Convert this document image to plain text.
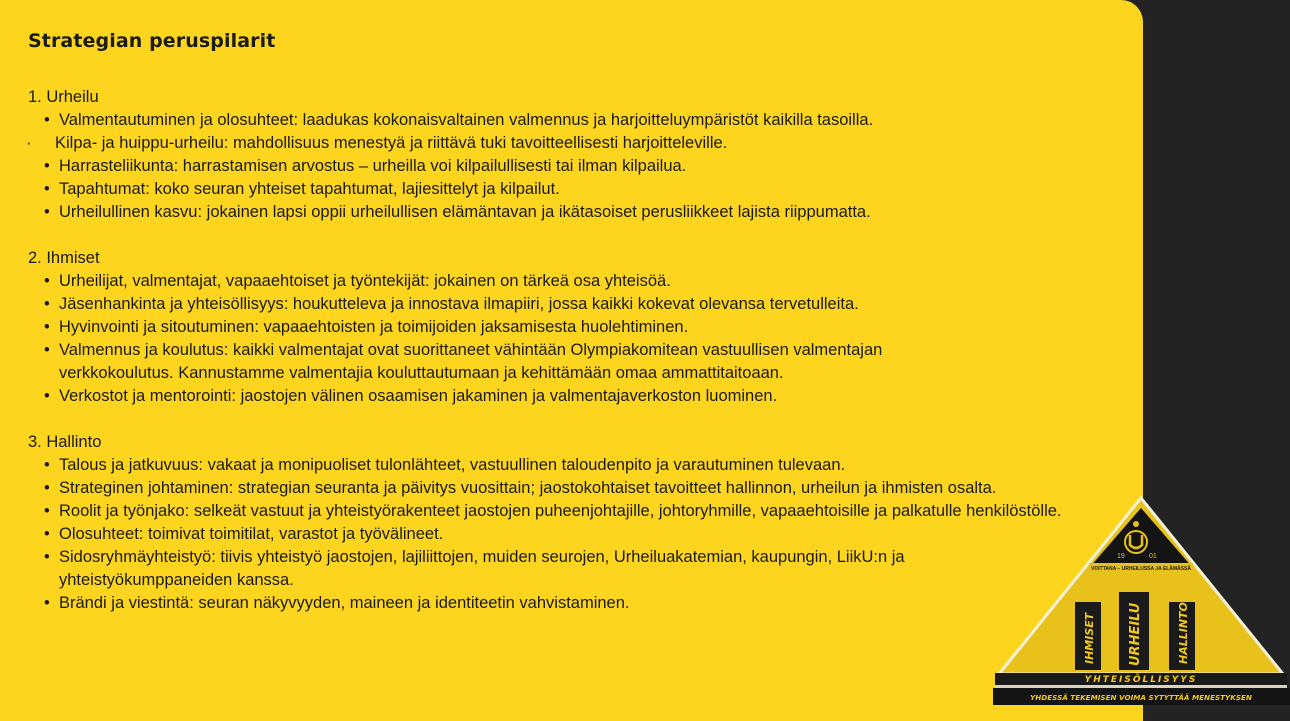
Strategian peruspilarit

1. Urheilu

• Valmentautuminen ja olosuhteet: laadukas kokonaisvaltainen valmennus ja harjoitteluympäristöt kaikilla tasoilla.
· Kilpa- ja huippu-urheilu: mahdollisuus menestyä ja riittävä tuki tavoitteellisesti harjoitteleville.
• Harrasteliikunta: harrastamisen arvostus – urheilla voi kilpailullisesti tai ilman kilpailua.
• Tapahtumat: koko seuran yhteiset tapahtumat, lajiesittelyt ja kilpailut.
• Urheilullinen kasvu: jokainen lapsi oppii urheilullisen elämäntavan ja ikätasoiset perusliikkeet lajista riippumatta.

2. Ihmiset

• Urheilijat, valmentajat, vapaaehtoiset ja työntekijät: jokainen on tärkeä osa yhteisöä.
• Jäsenhankinta ja yhteisöllisyys: houkutteleva ja innostava ilmapiiri, jossa kaikki kokevat olevansa tervetulleita.
• Hyvinvointi ja sitoutuminen: vapaaehtoisten ja toimijoiden jaksamisesta huolehtiminen.
• Valmennus ja koulutus: kaikki valmentajat ovat suorittaneet vähintään Olympiakomitean vastuullisen valmentajan verkkokoulutus. Kannustamme valmentajia kouluttautumaan ja kehittämään omaa ammattitaitoaan.
• Verkostot ja mentorointi: jaostojen välinen osaamisen jakaminen ja valmentajaverkoston luominen.

3. Hallinto

• Talous ja jatkuvuus: vakaat ja monipuoliset tulonlähteet, vastuullinen taloudenpito ja varautuminen tulevaan.
• Strateginen johtaminen: strategian seuranta ja päivitys vuosittain; jaostokohtaiset tavoitteet hallinnon, urheilun ja ihmisten osalta.
• Roolit ja työnjako: selkeät vastuut ja yhteistyörakenteet jaostojen puheenjohtajille, johtoryhmille, vapaaehtoisille ja palkatulle henkilöstölle.
• Olosuhteet: toimivat toimitilat, varastot ja työvälineet.
• Sidosryhmäyhteistyö: tiivis yhteistyö jaostojen, lajiliittojen, muiden seurojen, Urheiluakatemian, kaupungin, LiikU:n ja yhteistyökumppaneiden kanssa.
• Brändi ja viestintä: seuran näkyvyyden, maineen ja identiteetin vahvistaminen.
VOITTANA – URHEILUSSA JA ELÄMÄSSÄ
19	01
IHMISET URHEILU	HALLINTO
YHTEISÖLLISYYS
YHDESSÄ TEKEMISEN VOIMA SYTYTTÄÄ MENESTYKSEN
